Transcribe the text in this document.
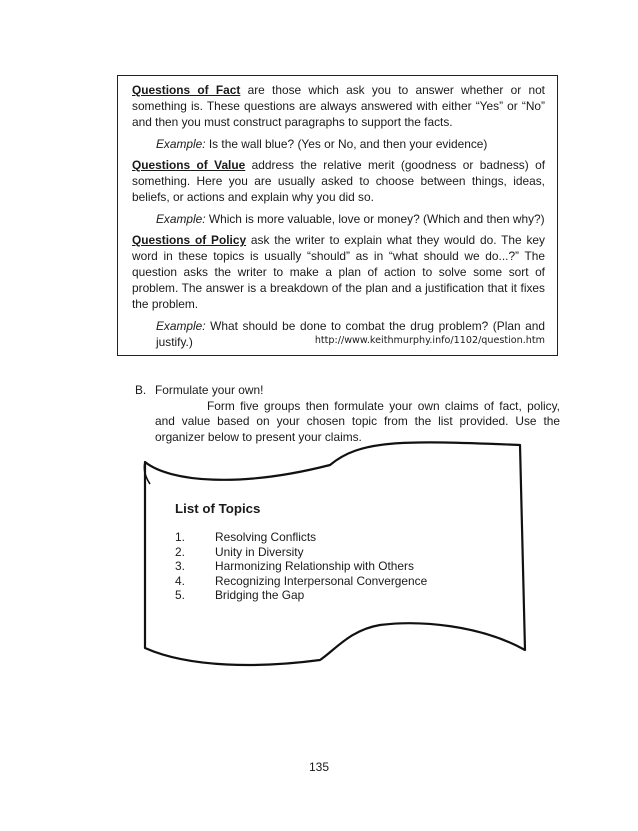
Questions of Fact are those which ask you to answer whether or not something is. These questions are always answered with either “Yes” or “No” and then you must construct paragraphs to support the facts.

Example: Is the wall blue? (Yes or No, and then your evidence)

Questions of Value address the relative merit (goodness or badness) of something. Here you are usually asked to choose between things, ideas, beliefs, or actions and explain why you did so.

Example: Which is more valuable, love or money? (Which and then why?)

Questions of Policy ask the writer to explain what they would do. The key word in these topics is usually “should” as in “what should we do...?” The question asks the writer to make a plan of action to solve some sort of problem. The answer is a breakdown of the plan and a justification that it fixes the problem.

Example: What should be done to combat the drug problem? (Plan and justify.)	http://www.keithmurphy.info/1102/question.htm
B. Formulate your own!
Form five groups then formulate your own claims of fact, policy, and value based on your chosen topic from the list provided. Use the organizer below to present your claims.
List of Topics
1.	Resolving Conflicts
2.	Unity in Diversity
3.	Harmonizing Relationship with Others
4.	Recognizing Interpersonal Convergence
5.	Bridging the Gap
135
